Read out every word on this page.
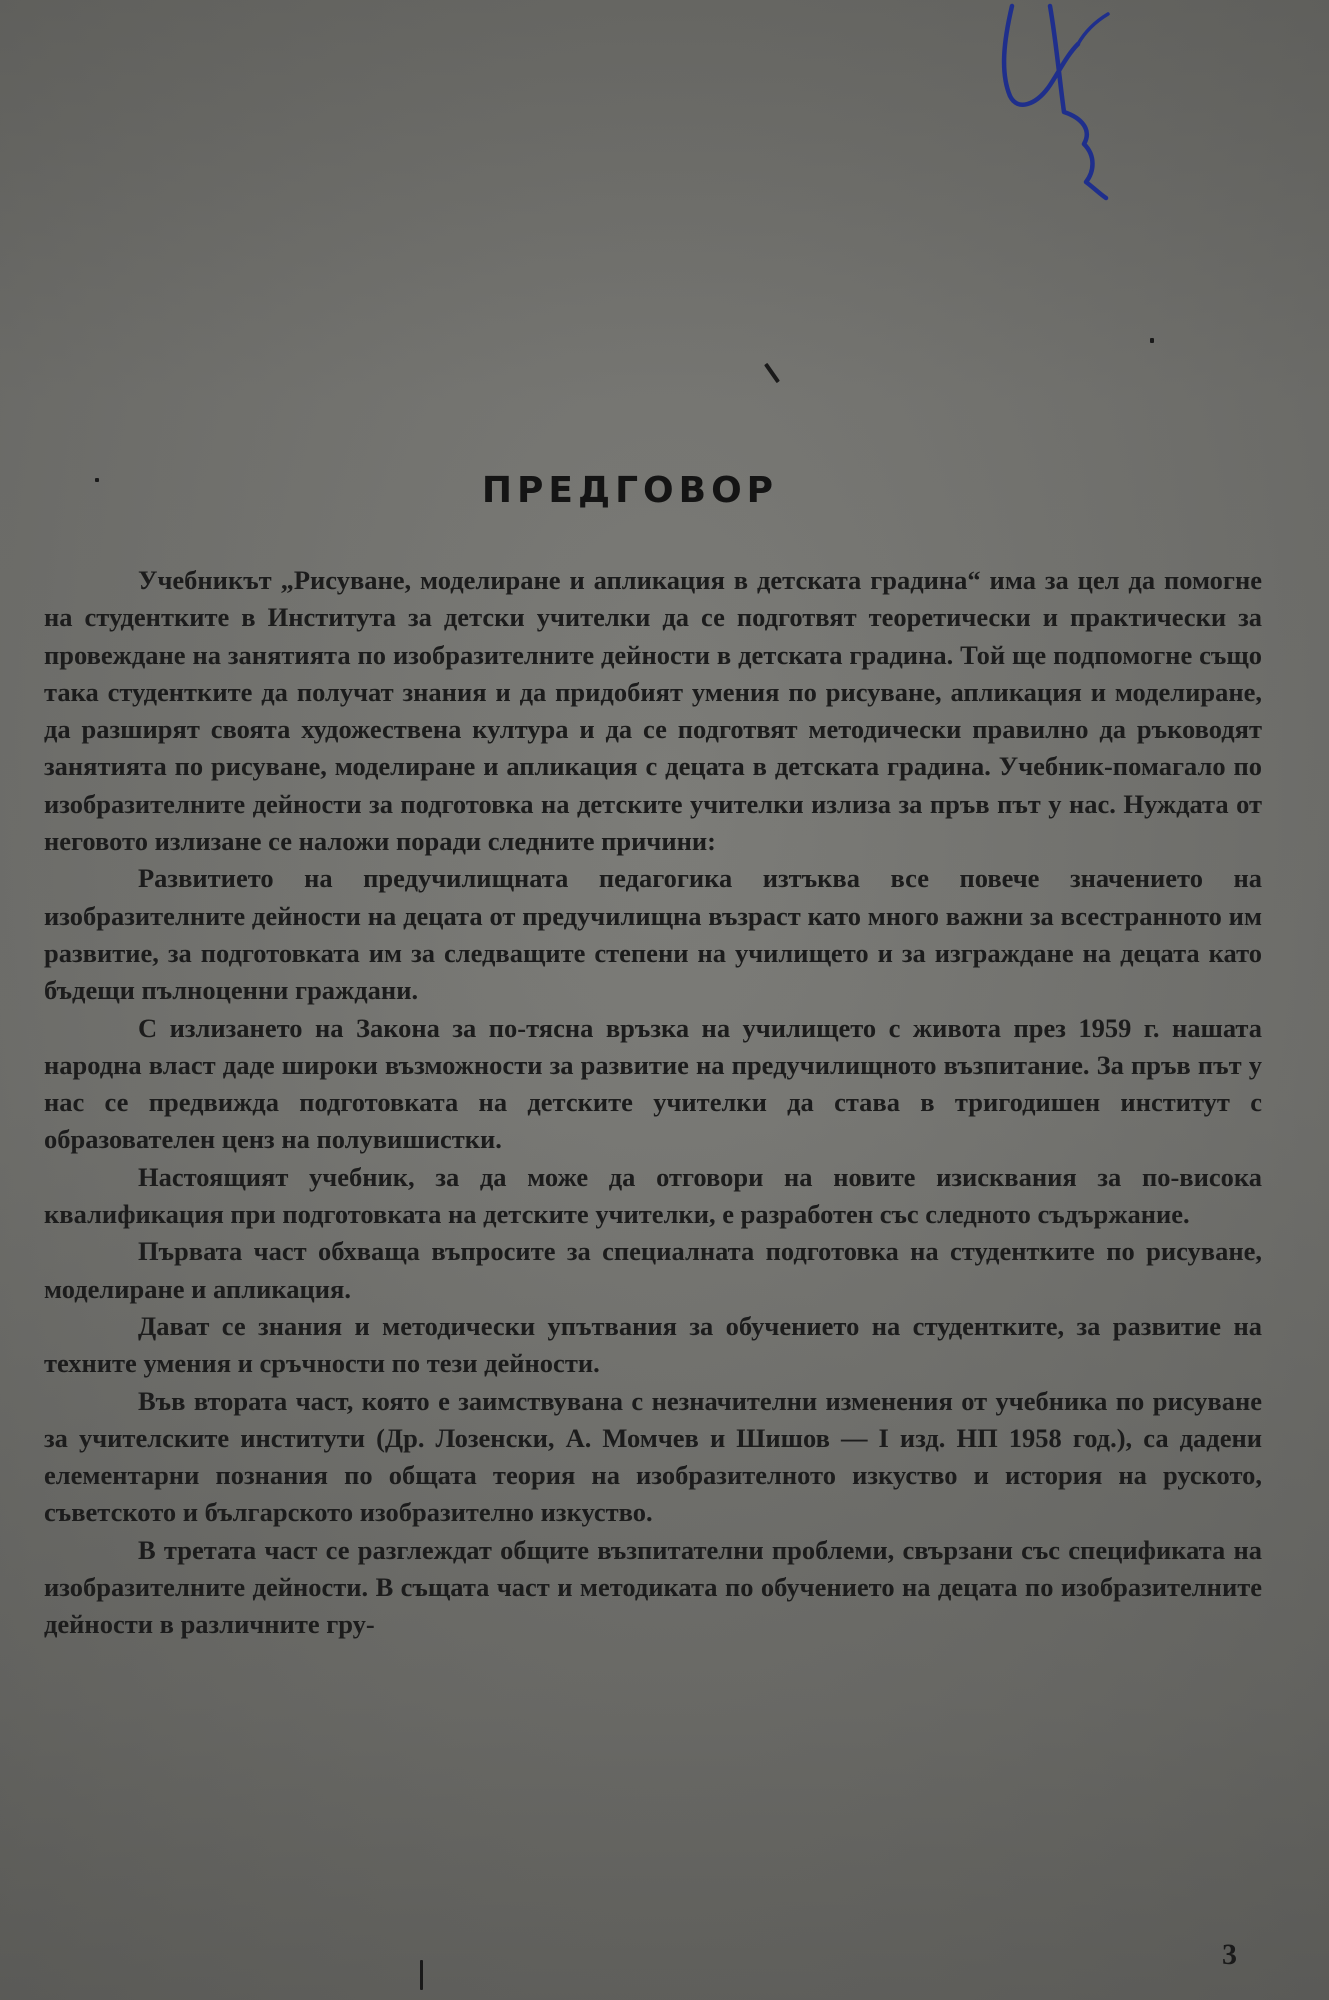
ПРЕДГОВОР

Учебникът „Рисуване, моделиране и апликация в детската градина“ има за цел да помогне на студентките в Института за детски учителки да се подготвят теоретически и практически за провеждане на занятията по изобразителните дейности в детската градина. Той ще подпомогне също така студентките да получат знания и да придобият умения по рисуване, апликация и моделиране, да разширят своята художествена култура и да се подготвят методически правилно да ръководят занятията по рисуване, моделиране и апликация с децата в детската градина. Учебник-помагало по изобразителните дейности за подготовка на детските учителки излиза за пръв път у нас. Нуждата от неговото излизане се наложи поради следните причини:

Развитието на предучилищната педагогика изтъква все повече значението на изобразителните дейности на децата от предучилищна възраст като много важни за всестранното им развитие, за подготовката им за следващите степени на училището и за изграждане на децата като бъдещи пълноценни граждани.

С излизането на Закона за по-тясна връзка на училището с живота през 1959 г. нашата народна власт даде широки възможности за развитие на предучилищното възпитание. За пръв път у нас се предвижда подготовката на детските учителки да става в тригодишен институт с образователен ценз на полувишистки.

Настоящият учебник, за да може да отговори на новите изисквания за по-висока квалификация при подготовката на детските учителки, е разработен със следното съдържание.

Първата част обхваща въпросите за специалната подготовка на студентките по рисуване, моделиране и апликация.

Дават се знания и методически упътвания за обучението на студентките, за развитие на техните умения и сръчности по тези дейности.

Във втората част, която е заимствувана с незначителни изменения от учебника по рисуване за учителските институти (Др. Лозенски, А. Момчев и Шишов — I изд. НП 1958 год.), са дадени елементарни познания по общата теория на изобразителното изкуство и история на руското, съветското и българското изобразително изкуство.

В третата част се разглеждат общите възпитателни проблеми, свързани със спецификата на изобразителните дейности. В същата част и методиката по обучението на децата по изобразителните дейности в различните гру-

3
